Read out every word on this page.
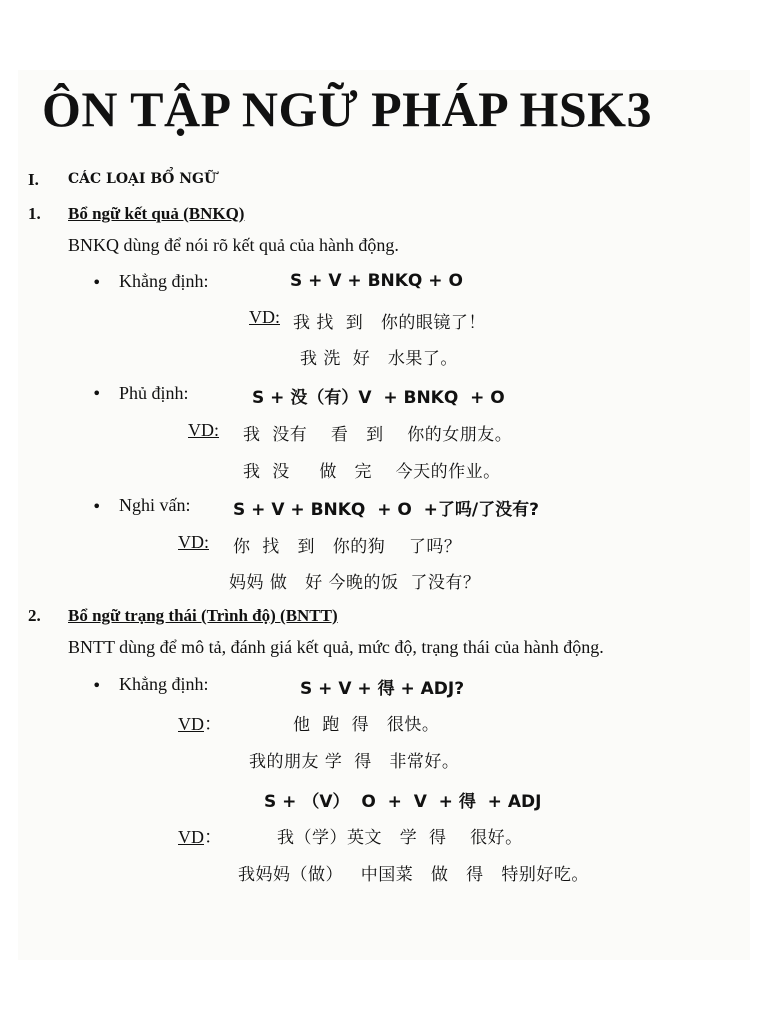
ÔN TẬP NGỮ PHÁP HSK3
I. CÁC LOẠI BỔ NGỮ
1. Bổ ngữ kết quả (BNKQ)
BNKQ dùng để nói rõ kết quả của hành động.
• Khẳng định:	S + V + BNKQ + O
VD: 我 找  到   你的眼镜了！
我 洗  好   水果了。
• Phủ định:	S + 没（有）V  + BNKQ  + O
VD: 我  没有    看   到    你的女朋友。
我  没     做   完    今天的作业。
• Nghi vấn:	S + V + BNKQ  + O  +了吗/了没有?
VD: 你  找   到   你的狗    了吗？
妈妈 做   好 今晚的饭  了没有？
2. Bổ ngữ trạng thái (Trình độ) (BNTT)
BNTT dùng để mô tả, đánh giá kết quả, mức độ, trạng thái của hành động.
• Khẳng định:	S + V + 得 + ADJ?
VD：	他  跑  得   很快。
我的朋友 学  得   非常好。
S + （V）  O  +  V  + 得  + ADJ
VD：	我（学）英文   学  得    很好。
我妈妈（做）   中国菜   做   得   特别好吃。
